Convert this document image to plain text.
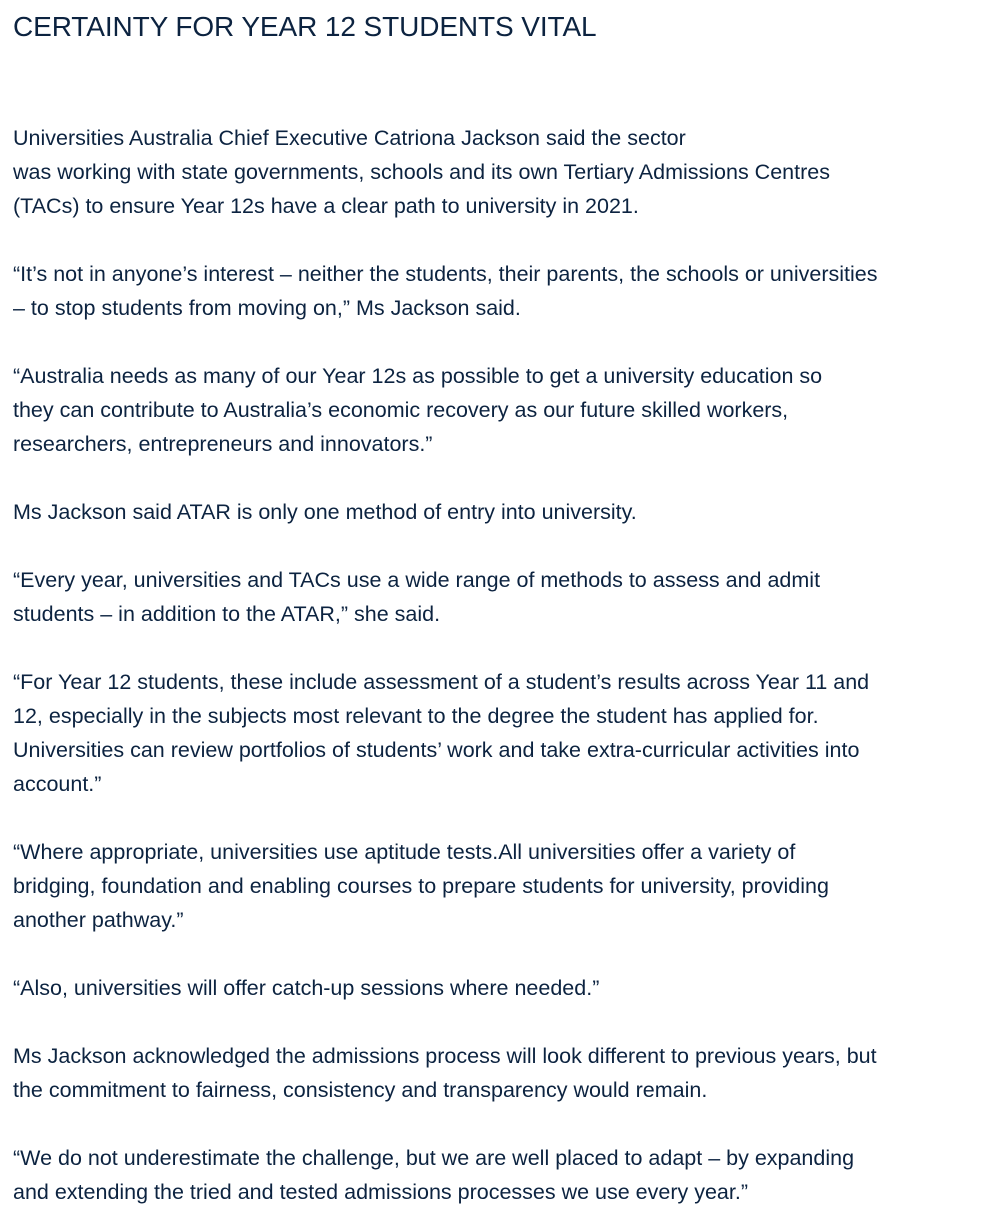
CERTAINTY FOR YEAR 12 STUDENTS VITAL

Universities Australia Chief Executive Catriona Jackson said the sector
was working with state governments, schools and its own Tertiary Admissions Centres
(TACs) to ensure Year 12s have a clear path to university in 2021.

“It’s not in anyone’s interest – neither the students, their parents, the schools or universities
– to stop students from moving on,” Ms Jackson said.

“Australia needs as many of our Year 12s as possible to get a university education so
they can contribute to Australia’s economic recovery as our future skilled workers,
researchers, entrepreneurs and innovators.”

Ms Jackson said ATAR is only one method of entry into university.

“Every year, universities and TACs use a wide range of methods to assess and admit
students – in addition to the ATAR,” she said.

“For Year 12 students, these include assessment of a student’s results across Year 11 and
12, especially in the subjects most relevant to the degree the student has applied for.
Universities can review portfolios of students’ work and take extra-curricular activities into
account.”

“Where appropriate, universities use aptitude tests.All universities offer a variety of
bridging, foundation and enabling courses to prepare students for university, providing
another pathway.”

“Also, universities will offer catch-up sessions where needed.”

Ms Jackson acknowledged the admissions process will look different to previous years, but
the commitment to fairness, consistency and transparency would remain.

“We do not underestimate the challenge, but we are well placed to adapt – by expanding
and extending the tried and tested admissions processes we use every year.”
